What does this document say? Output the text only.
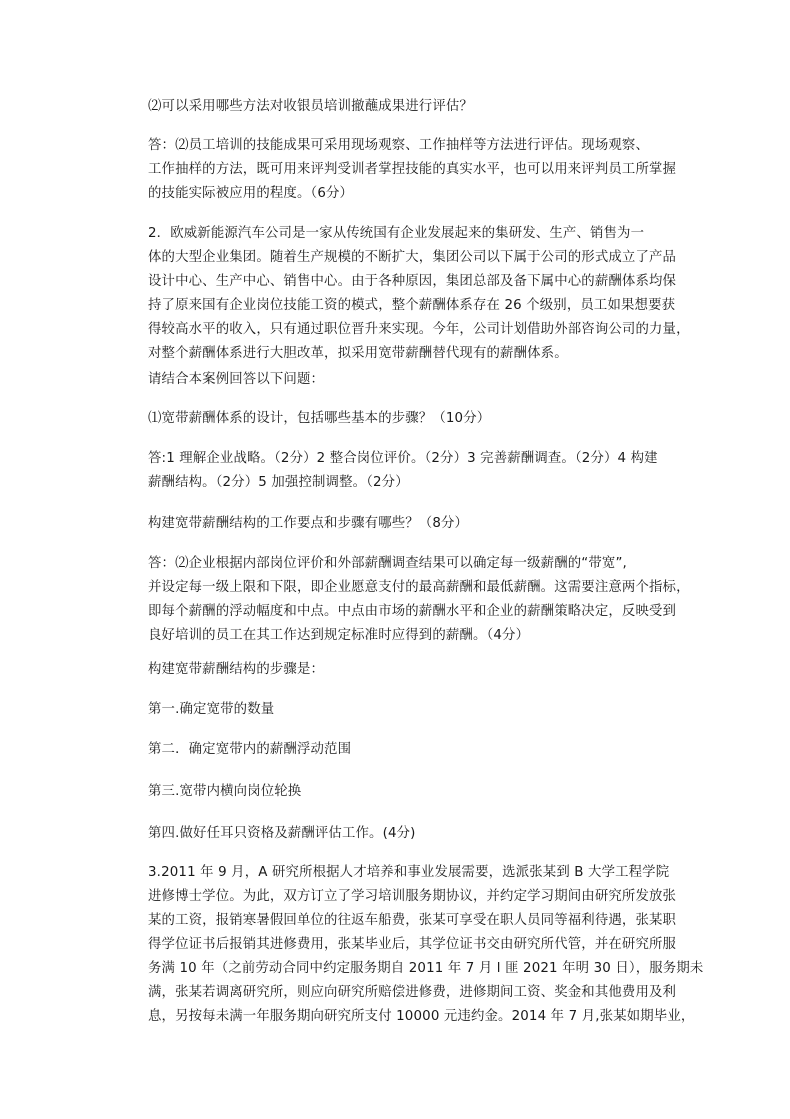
⑵可以采用哪些方法对收银员培训撤蘸成果进行评估？

答：⑵员工培训的技能成果可采用现场观察、工作抽样等方法进行评估。现场观察、
工作抽样的方法，既可用来评判受训者掌捏技能的真实水平，也可以用来评判员工所掌握
的技能实际被应用的程度。（6分）

2．欧威新能源汽车公司是一家从传统国有企业发展起来的集研发、生产、销售为一
体的大型企业集团。随着生产规模的不断扩大，集团公司以下属于公司的形式成立了产品
设计中心、生产中心、销售中心。由于各种原因，集团总部及备下属中心的薪酬体系均保
持了原来国有企业岗位技能工资的模式，整个薪酬体系存在 26 个级别，员工如果想要获
得较高水平的收入，只有通过职位晋升来实现。今年，公司计划借助外部咨询公司的力量，
对整个薪酬体系进行大胆改革，拟采用宽带薪酬替代现有的薪酬体系。

请结合本案例回答以下问题：

⑴宽带薪酬体系的设计，包括哪些基本的步骤？（10分）

答:1 理解企业战略。（2分）2 整合岗位评价。（2分）3 完善薪酬调查。（2分）4 构建
薪酬结构。（2分）5 加强控制调整。（2分）

构建宽带薪酬结构的工作要点和步骤有哪些？（8分）

答：⑵企业根据内部岗位评价和外部薪酬调查结果可以确定每一级薪酬的“带宽”,
并设定每一级上限和下限，即企业愿意支付的最高薪酬和最低薪酬。这需要注意两个指标，
即每个薪酬的浮动幅度和中点。中点由市场的薪酬水平和企业的薪酬策略决定，反映受到
良好培训的员工在其工作达到规定标准时应得到的薪酬。（4分）

构建宽带薪酬结构的步骤是：

第一.确定宽带的数量

第二．确定宽带内的薪酬浮动范围

第三.宽带内横向岗位轮换

第四.做好任耳只资格及薪酬评估工作。(4分)

3.2011 年 9 月，A 研究所根据人才培养和事业发展需要，选派张某到 B 大学工程学院
进修博士学位。为此，双方订立了学习培训服务期协议，并约定学习期间由研究所发放张
某的工资，报销寒暑假回单位的往返车船费，张某可享受在职人员同等福利待遇，张某职
得学位证书后报销其进修费用，张某毕业后，其学位证书交由研究所代管，并在研究所服
务满 10 年（之前劳动合同中约定服务期自 2011 年 7 月 l 匪 2021 年明 30 日），服务期未
满，张某若调离研究所，则应向研究所赔偿进修费，进修期间工资、奖金和其他费用及利
息，另按每未满一年服务期向研究所支付 10000 元违约金。2014 年 7 月,张某如期毕业，
